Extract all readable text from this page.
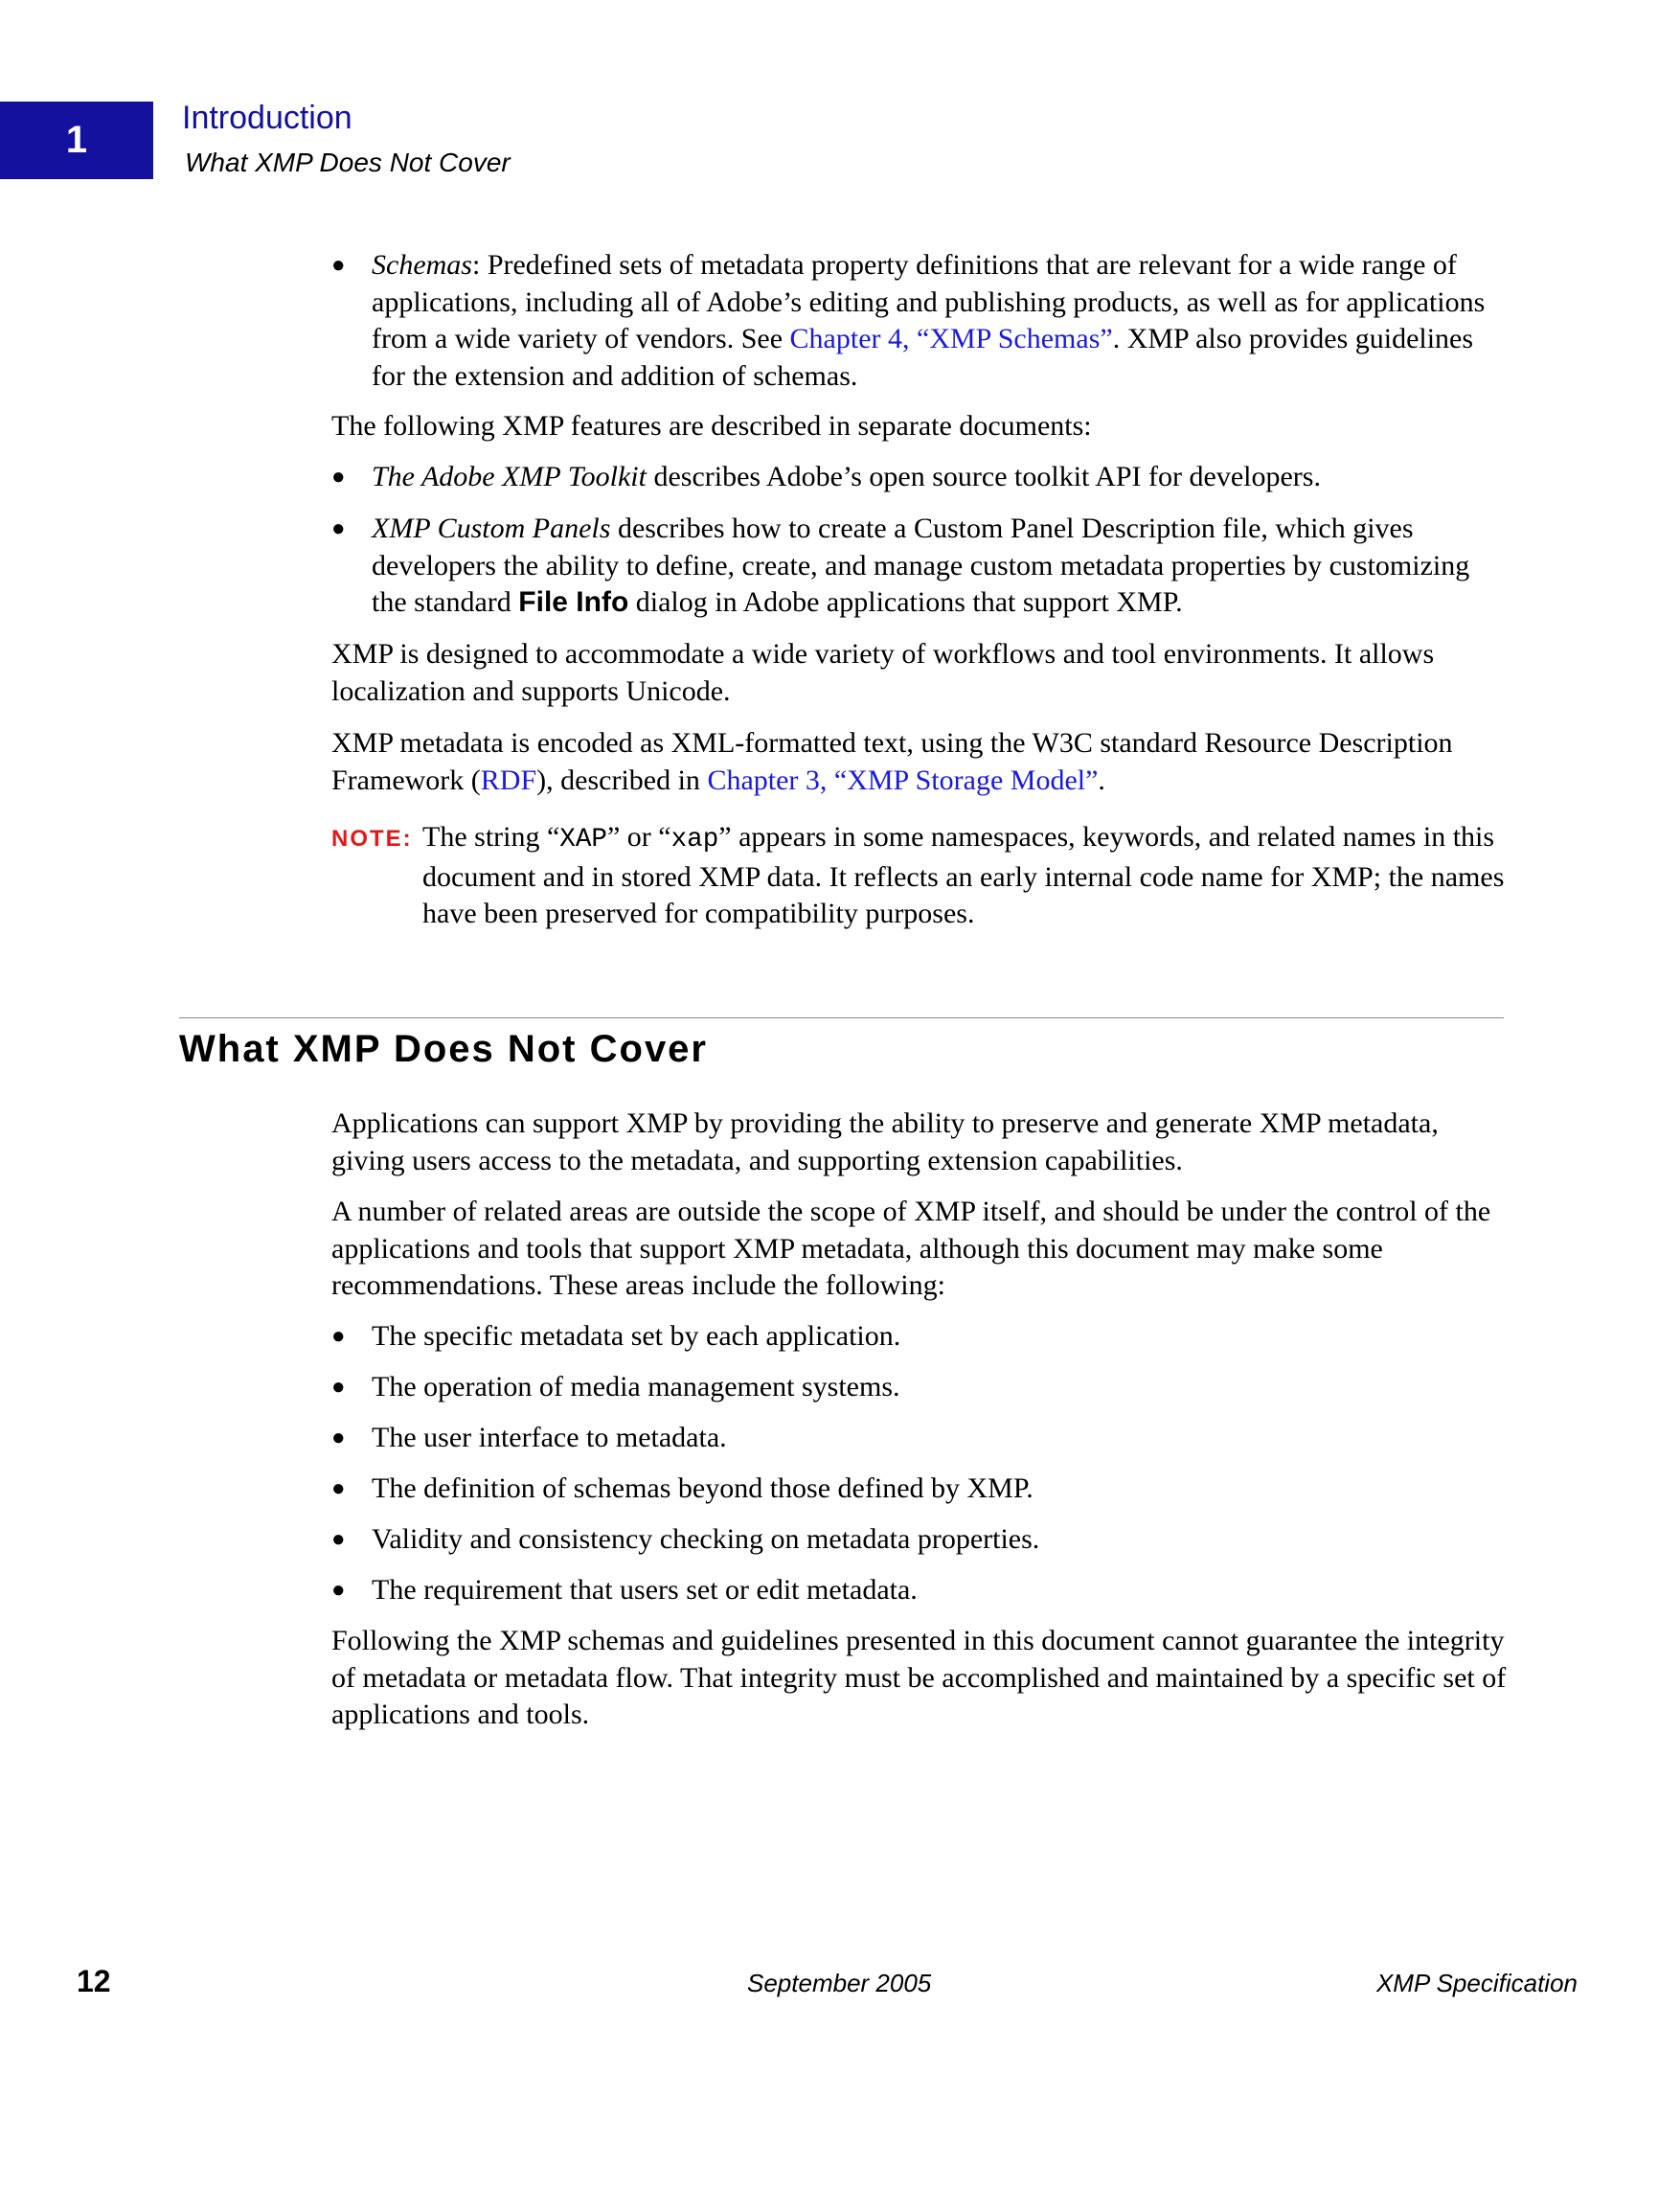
1
Introduction
What XMP Does Not Cover
● Schemas: Predefined sets of metadata property definitions that are relevant for a wide range of applications, including all of Adobe’s editing and publishing products, as well as for applications from a wide variety of vendors. See Chapter 4, “XMP Schemas”. XMP also provides guidelines for the extension and addition of schemas.

The following XMP features are described in separate documents:

● The Adobe XMP Toolkit describes Adobe’s open source toolkit API for developers.
● XMP Custom Panels describes how to create a Custom Panel Description file, which gives developers the ability to define, create, and manage custom metadata properties by customizing the standard File Info dialog in Adobe applications that support XMP.

XMP is designed to accommodate a wide variety of workflows and tool environments. It allows localization and supports Unicode.

XMP metadata is encoded as XML-formatted text, using the W3C standard Resource Description Framework (RDF), described in Chapter 3, “XMP Storage Model”.

NOTE: The string “XAP” or “xap” appears in some namespaces, keywords, and related names in this document and in stored XMP data. It reflects an early internal code name for XMP; the names have been preserved for compatibility purposes.
What XMP Does Not Cover

Applications can support XMP by providing the ability to preserve and generate XMP metadata, giving users access to the metadata, and supporting extension capabilities.

A number of related areas are outside the scope of XMP itself, and should be under the control of the applications and tools that support XMP metadata, although this document may make some recommendations. These areas include the following:

● The specific metadata set by each application.
● The operation of media management systems.
● The user interface to metadata.
● The definition of schemas beyond those defined by XMP.
● Validity and consistency checking on metadata properties.
● The requirement that users set or edit metadata.

Following the XMP schemas and guidelines presented in this document cannot guarantee the integrity of metadata or metadata flow. That integrity must be accomplished and maintained by a specific set of applications and tools.

12	September 2005	XMP Specification
